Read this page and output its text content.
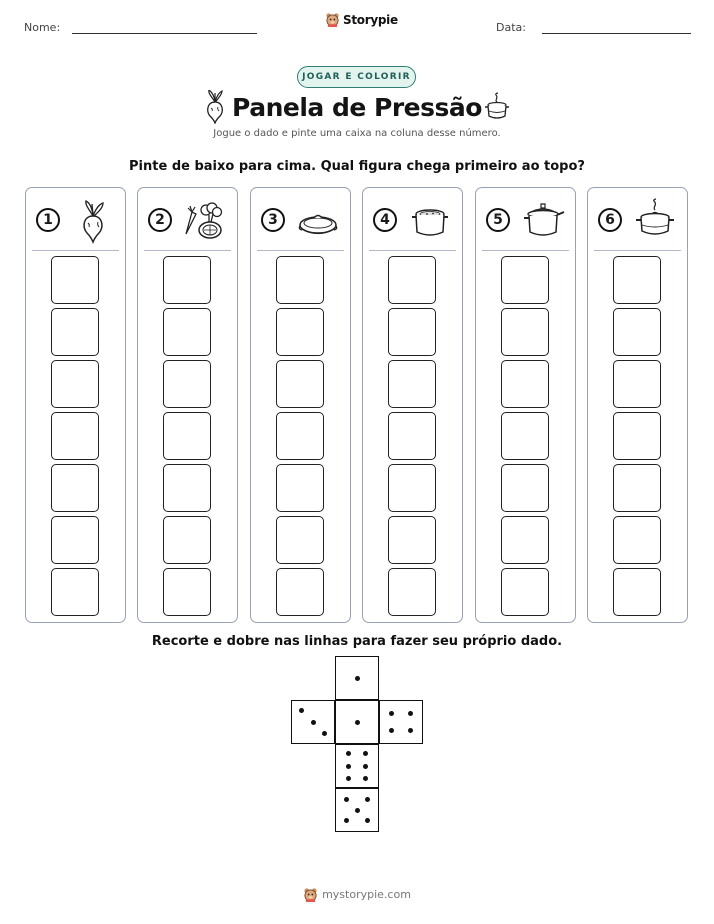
Nome:
Storypie
Data:
JOGAR E COLORIR
Panela de Pressão
Jogue o dado e pinte uma caixa na coluna desse número.
Pinte de baixo para cima. Qual figura chega primeiro ao topo?
1	2	3	4	5	6
Recorte e dobre nas linhas para fazer seu próprio dado.
mystorypie.com
